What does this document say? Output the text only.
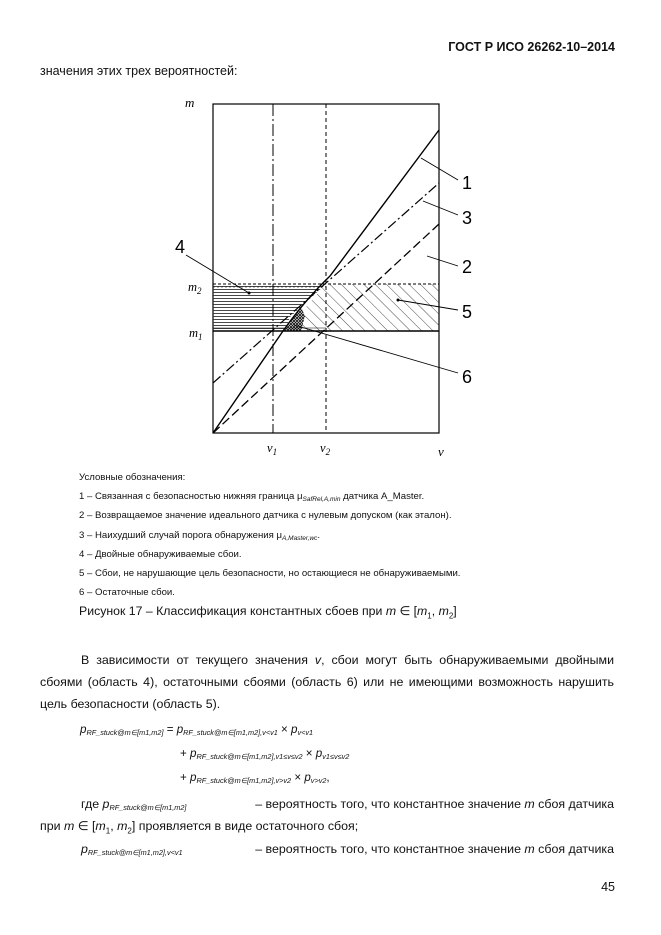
ГОСТ Р ИСО 26262-10–2014
значения этих трех вероятностей:
m
v
$m_2$
$m_1$
$v_1$	$v_2$
1
3
2
5
6
4
Условные обозначения:
1 – Связанная с безопасностью нижняя граница $\mu_{SafRel,A,min}$ датчика A_Master.
2 – Возвращаемое значение идеального датчика с нулевым допуском (как эталон).
3 – Наихудший случай порога обнаружения $\mu_{A,Master,wc}$.
4 – Двойные обнаруживаемые сбои.
5 – Сбои, не нарушающие цель безопасности, но остающиеся не обнаруживаемыми.
6 – Остаточные сбои.
Рисунок 17 – Классификация константных сбоев при m ∈ [$m_1$, $m_2$]
В зависимости от текущего значения v, сбои могут быть обнаруживаемыми двойными сбоями (область 4), остаточными сбоями (область 6) или не имеющими возможность нарушить цель безопасности (область 5).
$p_{RF\_stuck@m\in[m1,m2]} = p_{RF\_stuck@m\in[m1,m2],v<v1} \times p_{v<v1}$
+ $p_{RF\_stuck@m\in[m1,m2],v1\le v\le v2} \times p_{v1\le v\le v2}$
+ $p_{RF\_stuck@m\in[m1,m2],v>v2} \times p_{v>v2}$,
где $p_{RF\_stuck@m\in[m1,m2]}$	– вероятность того, что константное значение m сбоя датчика
при m ∈ [$m_1$, $m_2$] проявляется в виде остаточного сбоя;
$p_{RF\_stuck@m\in[m1,m2],v<v1}$	– вероятность того, что константное значение m сбоя датчика
45
